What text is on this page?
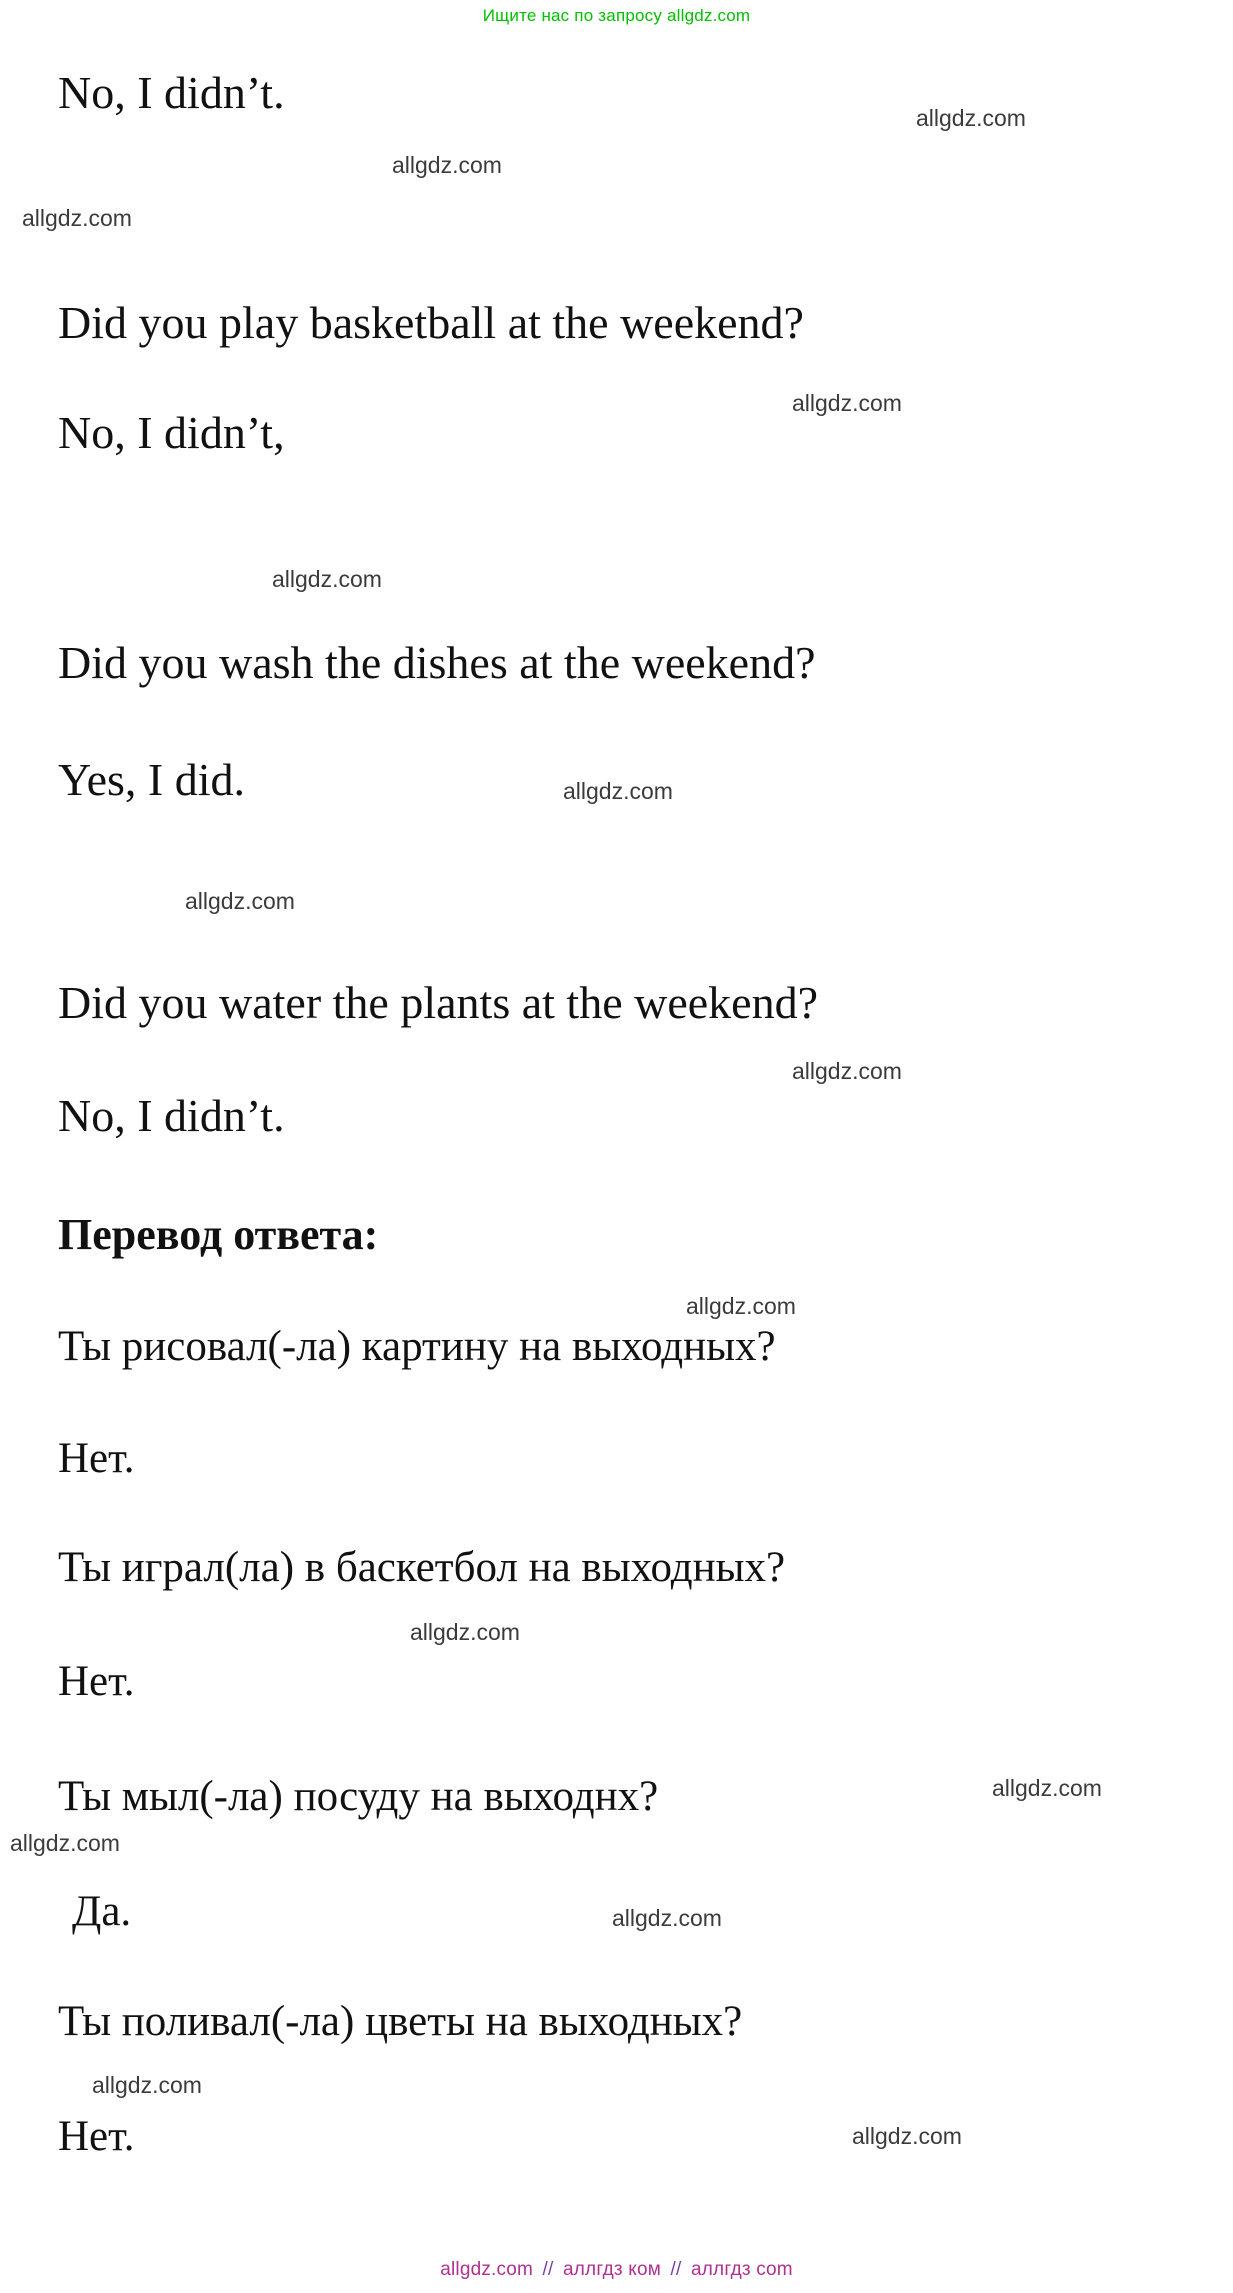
Ищите нас по запросу allgdz.com
No, I didn’t.
Did you play basketball at the weekend?
No, I didn’t,
Did you wash the dishes at the weekend?
Yes, I did.
Did you water the plants at the weekend?
No, I didn’t.
Перевод ответа:
Ты рисовал(-ла) картину на выходных?
Нет.
Ты играл(ла) в баскетбол на выходных?
Нет.
Ты мыл(-ла) посуду на выходнх?
Да.
Ты поливал(-ла) цветы на выходных?
Нет.
allgdz.com
allgdz.com
allgdz.com
allgdz.com
allgdz.com
allgdz.com
allgdz.com
allgdz.com
allgdz.com
allgdz.com
allgdz.com
allgdz.com
allgdz.com
allgdz.com
allgdz.com
allgdz.com // аллгдз ком // аллгдз com
